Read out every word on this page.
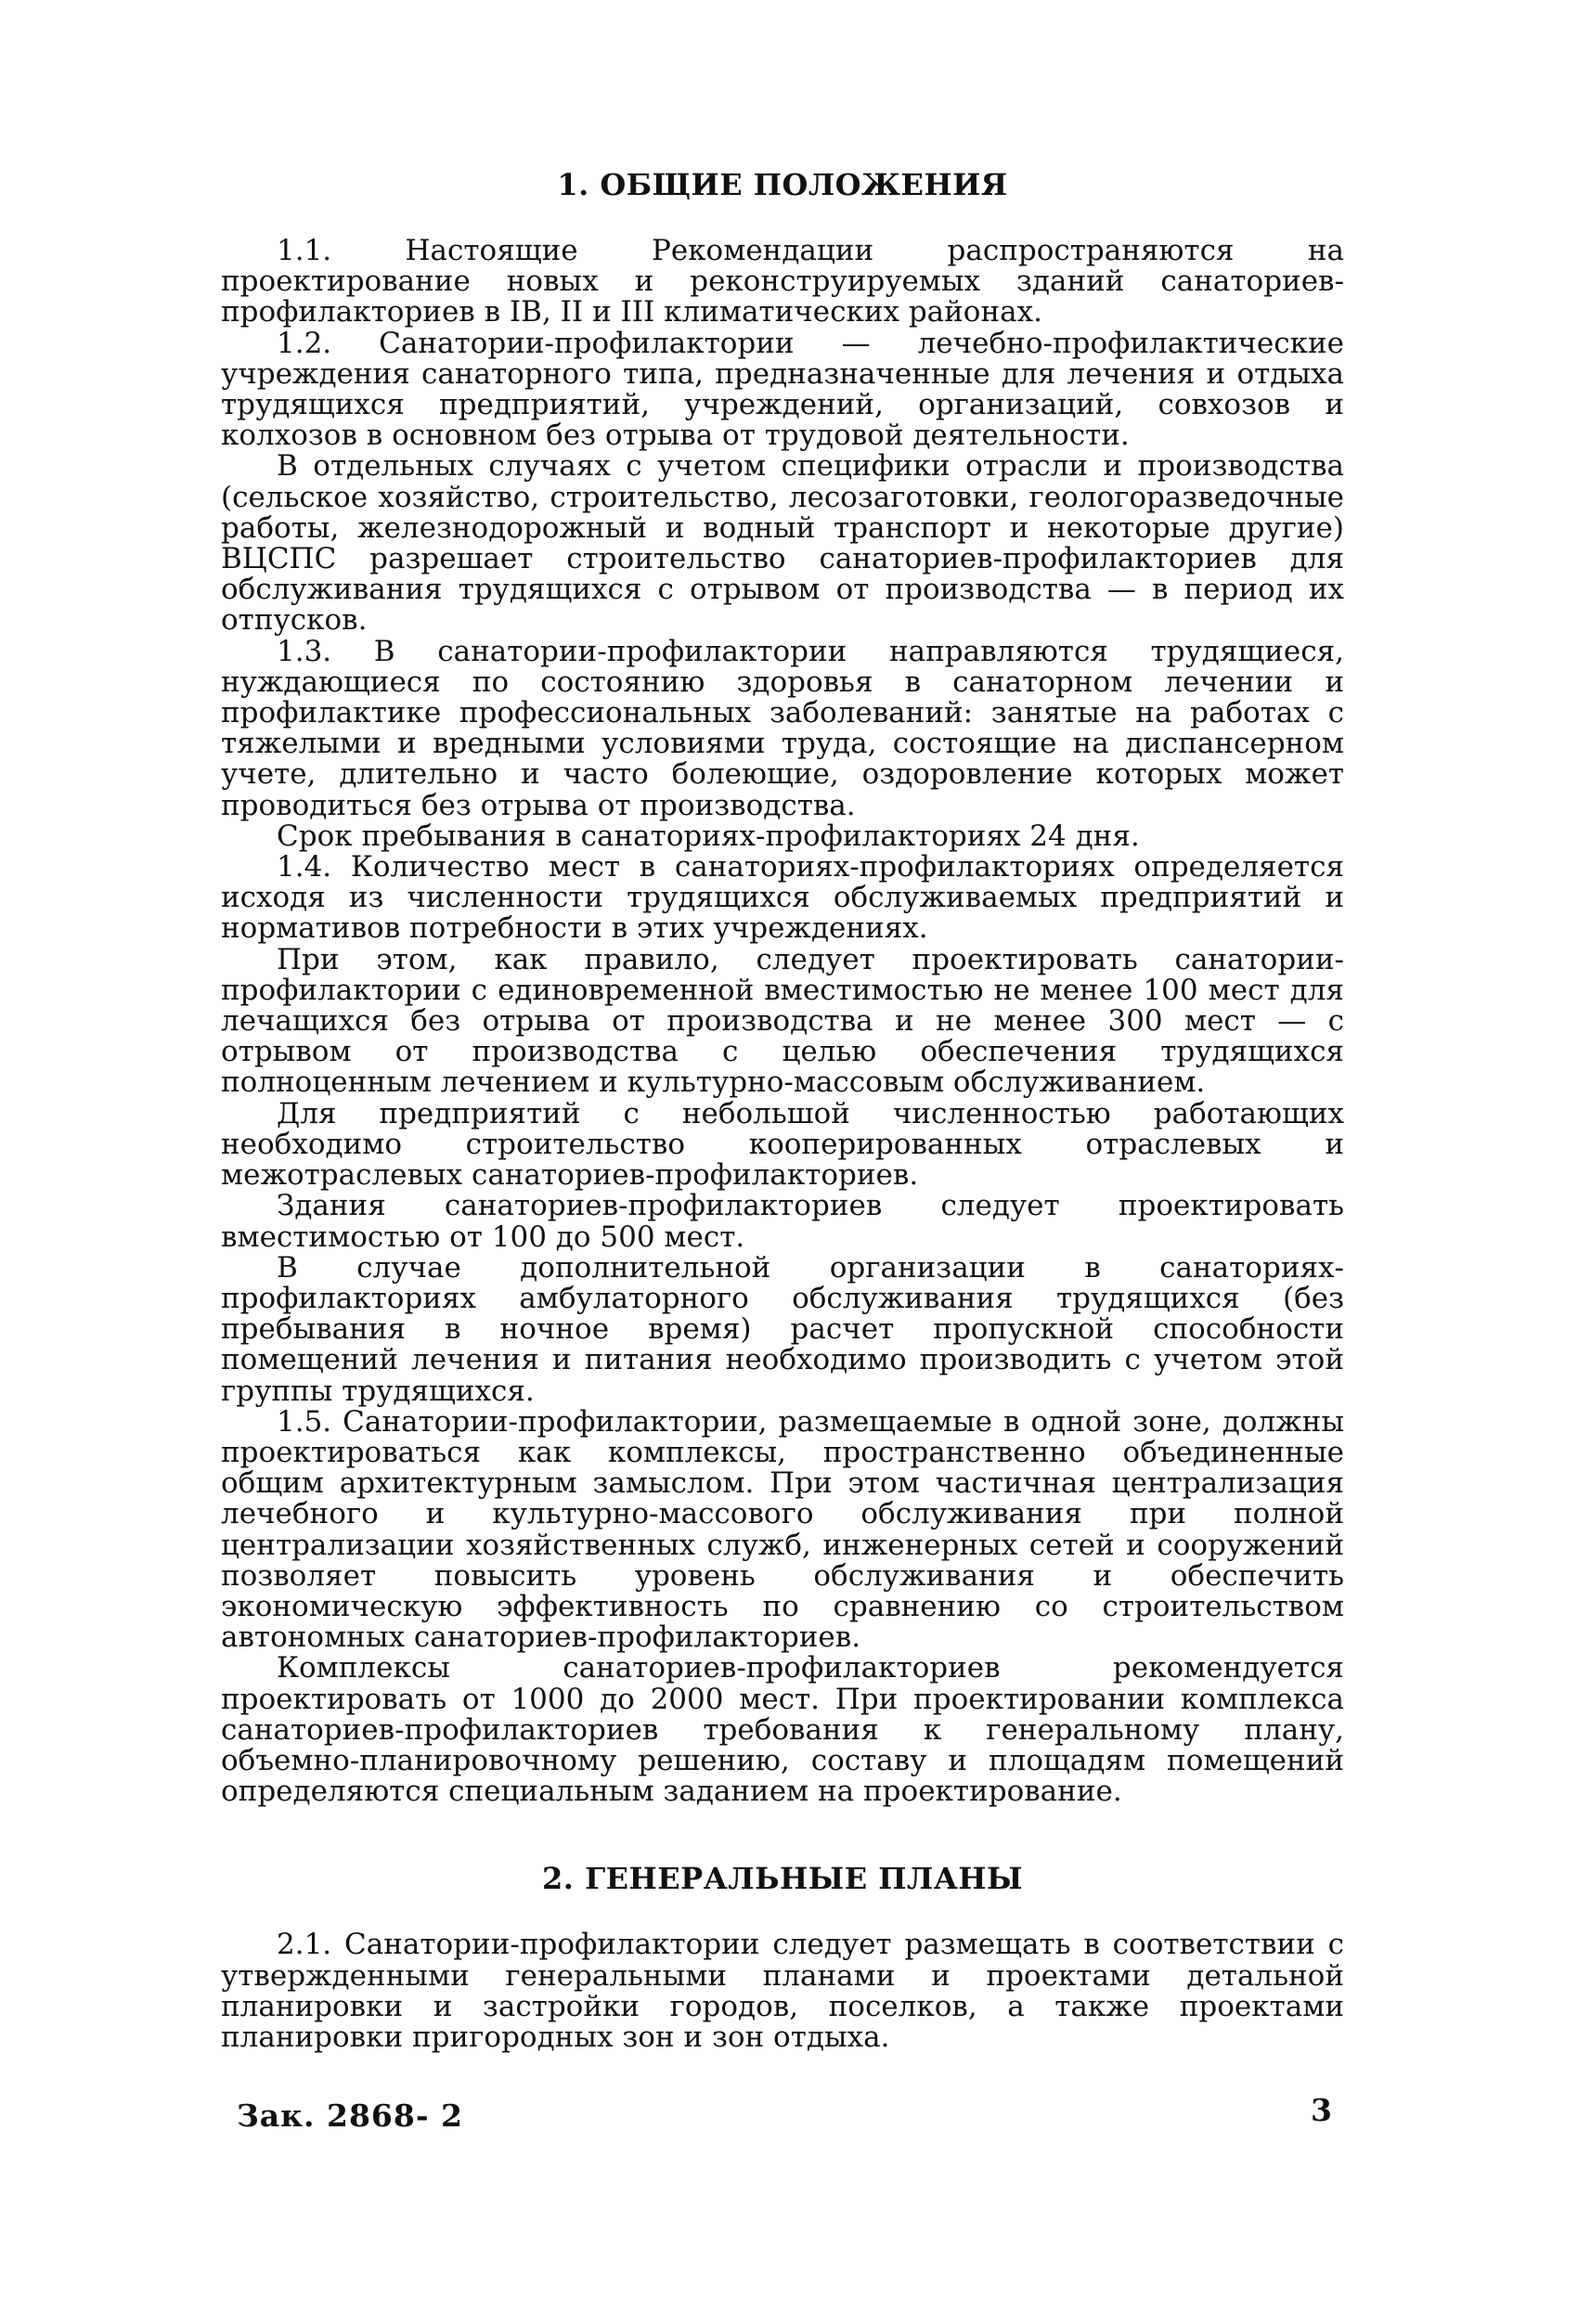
1. ОБЩИЕ ПОЛОЖЕНИЯ

1.1. Настоящие Рекомендации распространяются на проектирование новых и реконструируемых зданий санаториев-профилакториев в IВ, II и III климатических районах.

1.2. Санатории-профилактории — лечебно-профилактические учреждения санаторного типа, предназначенные для лечения и отдыха трудящихся предприятий, учреждений, организаций, совхозов и колхозов в основном без отрыва от трудовой деятельности.

В отдельных случаях с учетом специфики отрасли и производства (сельское хозяйство, строительство, лесозаготовки, геологоразведочные работы, железнодорожный и водный транспорт и некоторые другие) ВЦСПС разрешает строительство санаториев-профилакториев для обслуживания трудящихся с отрывом от производства — в период их отпусков.

1.3. В санатории-профилактории направляются трудящиеся, нуждающиеся по состоянию здоровья в санаторном лечении и профилактике профессиональных заболеваний: занятые на работах с тяжелыми и вредными условиями труда, состоящие на диспансерном учете, длительно и часто болеющие, оздоровление которых может проводиться без отрыва от производства.

Срок пребывания в санаториях-профилакториях 24 дня.

1.4. Количество мест в санаториях-профилакториях определяется исходя из численности трудящихся обслуживаемых предприятий и нормативов потребности в этих учреждениях.

При этом, как правило, следует проектировать санатории-профилактории с единовременной вместимостью не менее 100 мест для лечащихся без отрыва от производства и не менее 300 мест — с отрывом от производства с целью обеспечения трудящихся полноценным лечением и культурно-массовым обслуживанием.

Для предприятий с небольшой численностью работающих необходимо строительство кооперированных отраслевых и межотраслевых санаториев-профилакториев.

Здания санаториев-профилакториев следует проектировать вместимостью от 100 до 500 мест.

В случае дополнительной организации в санаториях-профилакториях амбулаторного обслуживания трудящихся (без пребывания в ночное время) расчет пропускной способности помещений лечения и питания необходимо производить с учетом этой группы трудящихся.

1.5. Санатории-профилактории, размещаемые в одной зоне, должны проектироваться как комплексы, пространственно объединенные общим архитектурным замыслом. При этом частичная централизация лечебного и культурно-массового обслуживания при полной централизации хозяйственных служб, инженерных сетей и сооружений позволяет повысить уровень обслуживания и обеспечить экономическую эффективность по сравнению со строительством автономных санаториев-профилакториев.

Комплексы санаториев-профилакториев рекомендуется проектировать от 1000 до 2000 мест. При проектировании комплекса санаториев-профилакториев требования к генеральному плану, объемно-планировочному решению, составу и площадям помещений определяются специальным заданием на проектирование.

2. ГЕНЕРАЛЬНЫЕ ПЛАНЫ

2.1. Санатории-профилактории следует размещать в соответствии с утвержденными генеральными планами и проектами детальной планировки и застройки городов, поселков, а также проектами планировки пригородных зон и зон отдыха.

Зак. 2868- 2	3
